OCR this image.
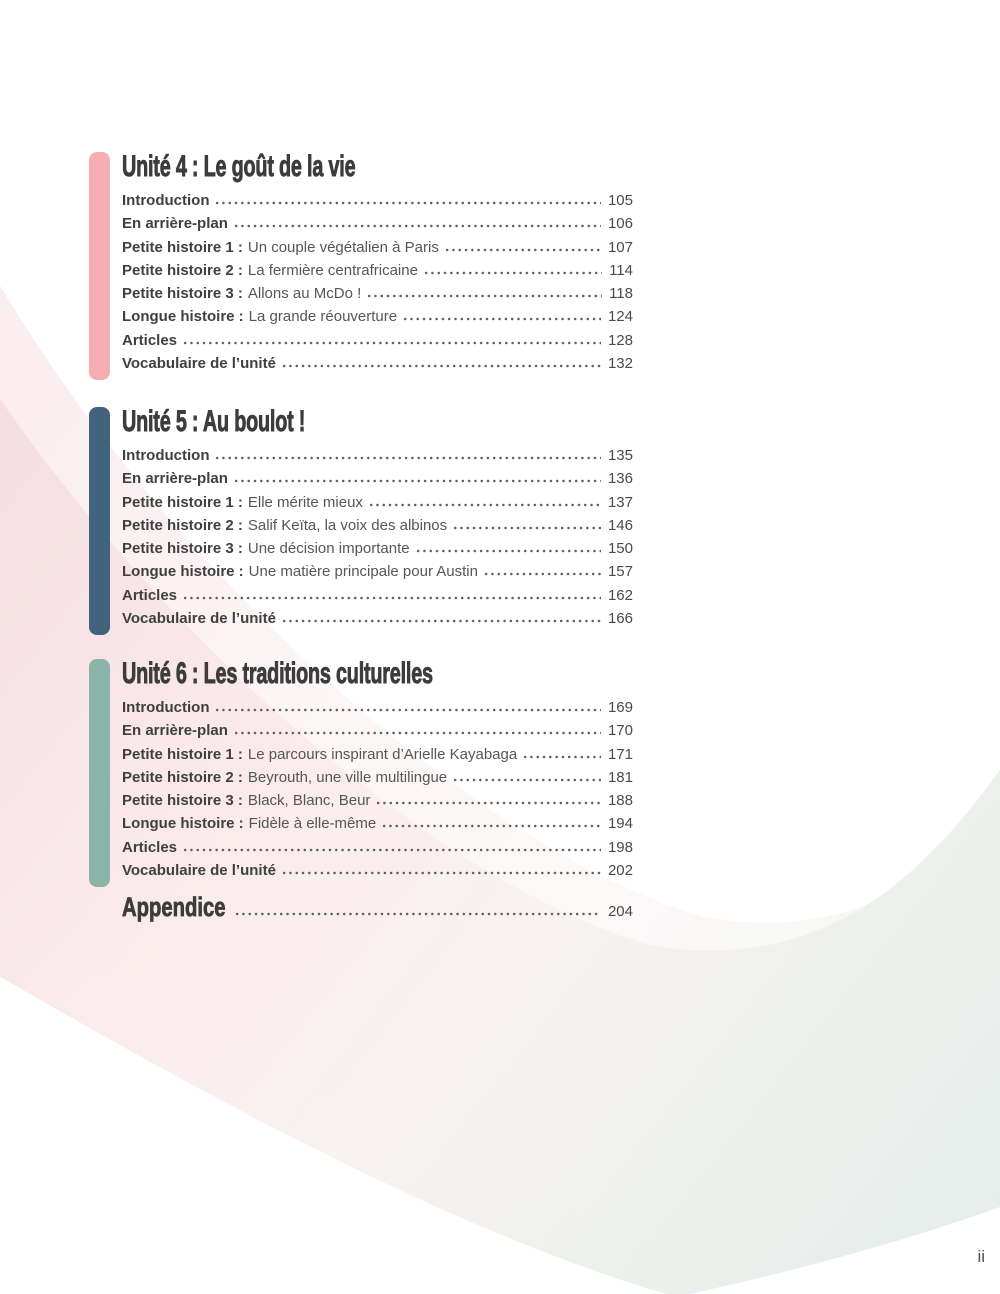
Unité 4 : Le goût de la vie
Introduction	105
En arrière-plan	106
Petite histoire 1 : Un couple végétalien à Paris	107
Petite histoire 2 : La fermière centrafricaine	114
Petite histoire 3 : Allons au McDo !	118
Longue histoire : La grande réouverture	124
Articles	128
Vocabulaire de l’unité	132
Unité 5 : Au boulot !
Introduction	135
En arrière-plan	136
Petite histoire 1 : Elle mérite mieux	137
Petite histoire 2 : Salif Keïta, la voix des albinos	146
Petite histoire 3 : Une décision importante	150
Longue histoire : Une matière principale pour Austin	157
Articles	162
Vocabulaire de l’unité	166
Unité 6 : Les traditions culturelles
Introduction	169
En arrière-plan	170
Petite histoire 1 : Le parcours inspirant d’Arielle Kayabaga	171
Petite histoire 2 : Beyrouth, une ville multilingue	181
Petite histoire 3 : Black, Blanc, Beur	188
Longue histoire : Fidèle à elle-même	194
Articles	198
Vocabulaire de l’unité	202
Appendice	204
ii
